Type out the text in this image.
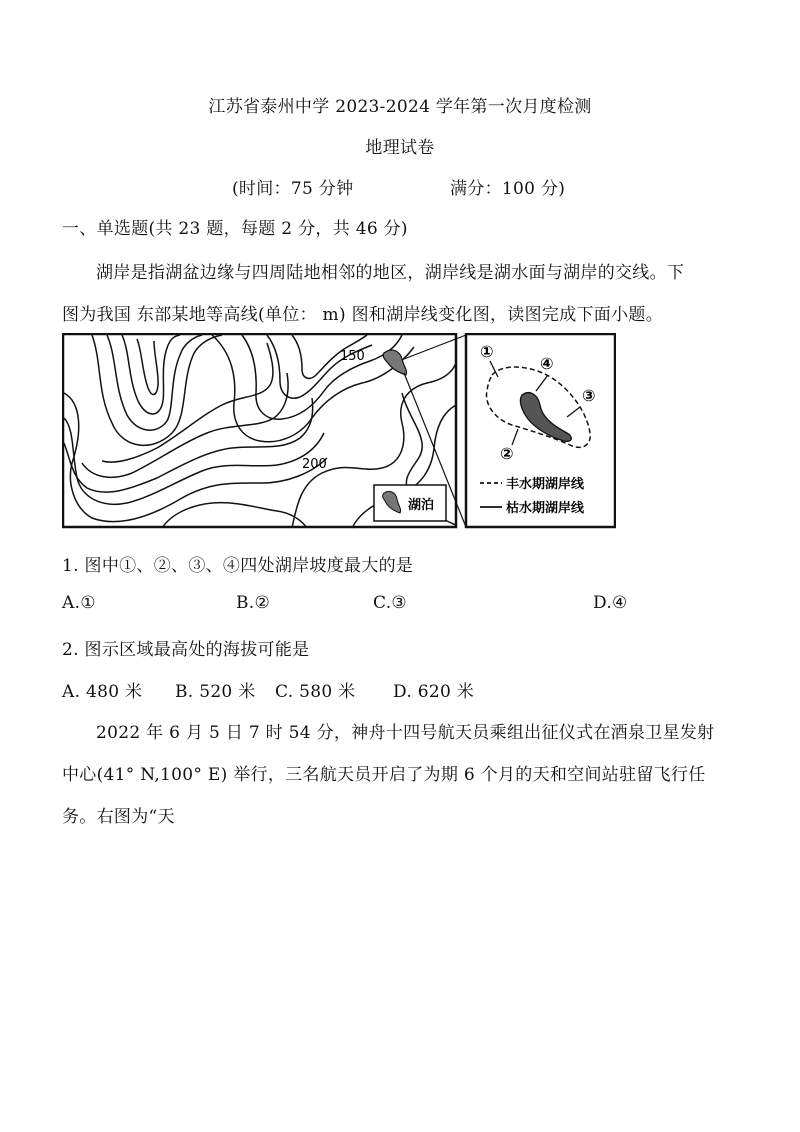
江苏省泰州中学 2023-2024 学年第一次月度检测
地理试卷
(时间：75 分钟	满分：100 分)
一、单选题(共 23 题，每题 2 分，共 46 分)
湖岸是指湖盆边缘与四周陆地相邻的地区，湖岸线是湖水面与湖岸的交线。下
图为我国 东部某地等高线(单位： m) 图和湖岸线变化图，读图完成下面小题。
150
200
湖泊
①
④
③
②
丰水期湖岸线
枯水期湖岸线
1. 图中①、②、③、④四处湖岸坡度最大的是
A.①	B.②	C.③	D.④
2. 图示区域最高处的海拔可能是
A. 480 米 B. 520 米 C. 580 米 D. 620 米
2022 年 6 月 5 日 7 时 54 分，神舟十四号航天员乘组出征仪式在酒泉卫星发射
中心(41° N,100° E) 举行，三名航天员开启了为期 6 个月的天和空间站驻留飞行任
务。右图为“天
